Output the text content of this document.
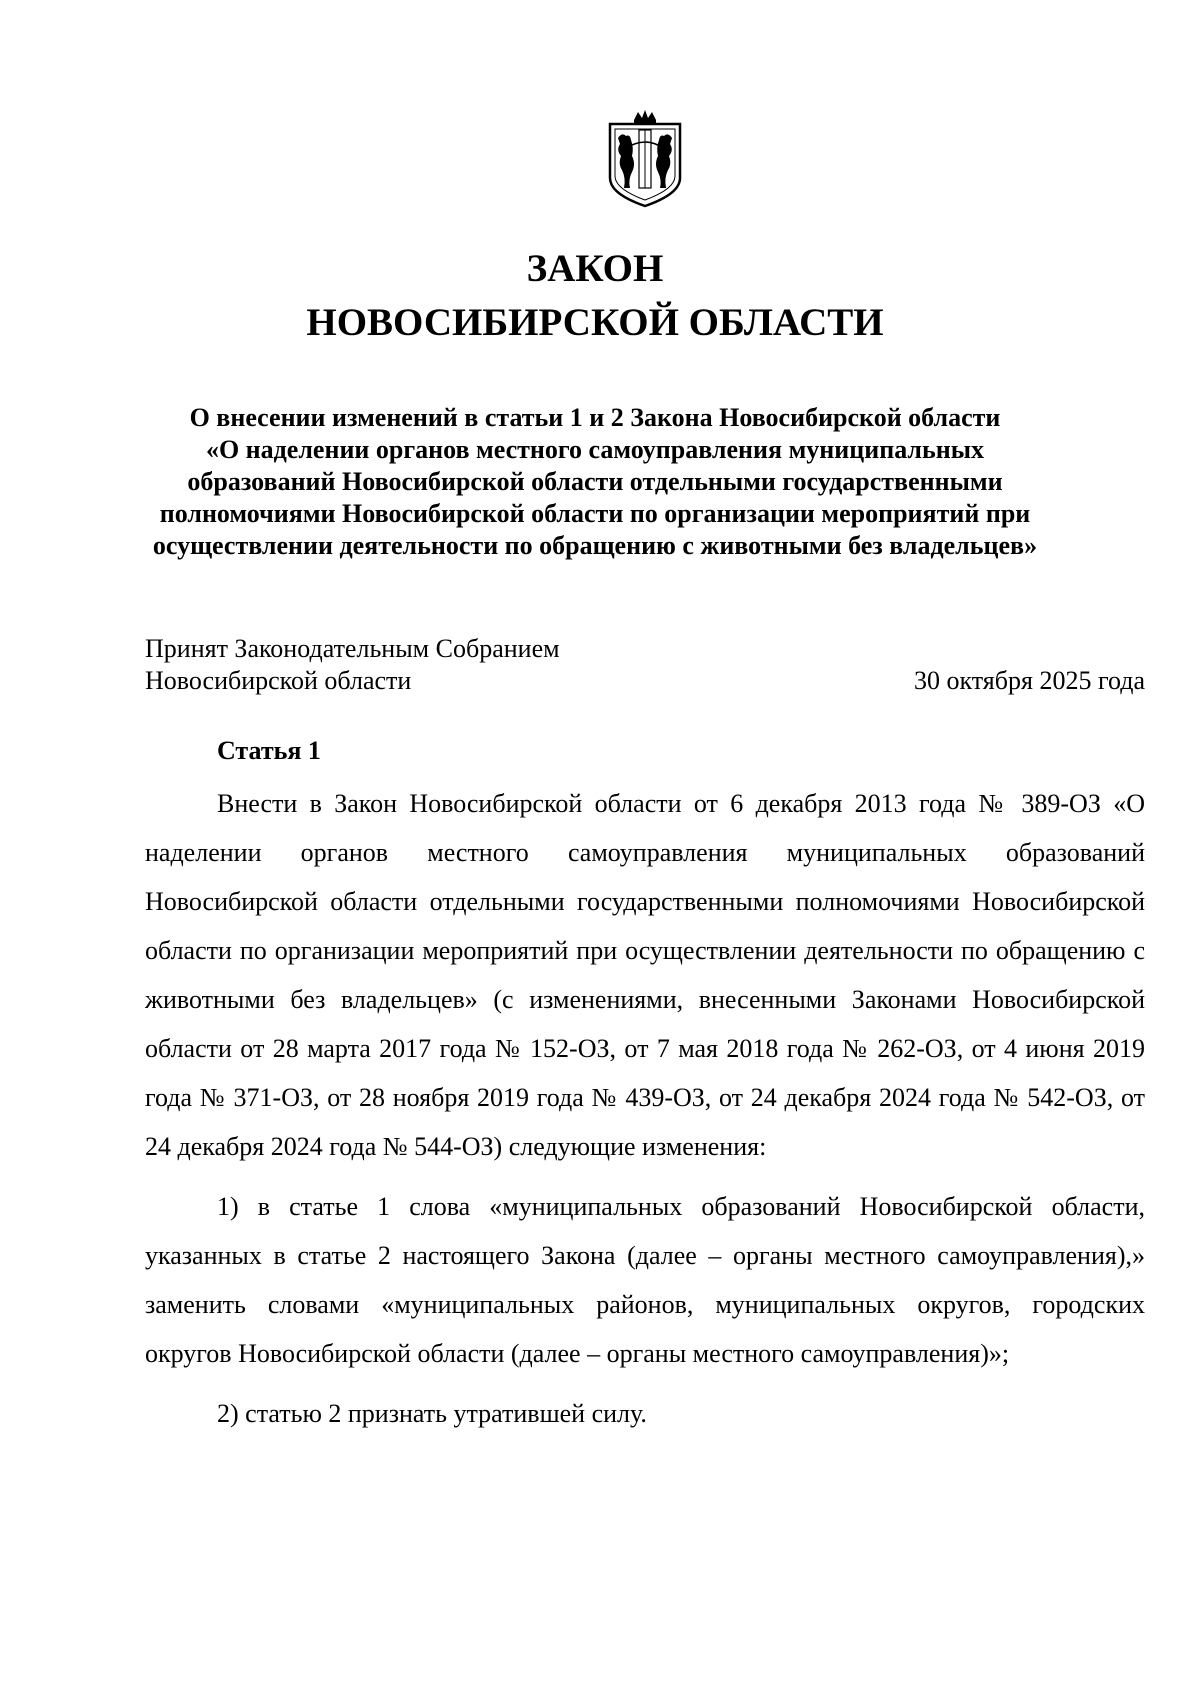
ЗАКОН
НОВОСИБИРСКОЙ ОБЛАСТИ
О внесении изменений в статьи 1 и 2 Закона Новосибирской области
«О наделении органов местного самоуправления муниципальных
образований Новосибирской области отдельными государственными
полномочиями Новосибирской области по организации мероприятий при
осуществлении деятельности по обращению с животными без владельцев»
Принят Законодательным Собранием
Новосибирской области	30 октября 2025 года
Статья 1

Внести в Закон Новосибирской области от 6 декабря 2013 года № 389-ОЗ «О наделении органов местного самоуправления муниципальных образований Новосибирской области отдельными государственными полномочиями Новосибирской области по организации мероприятий при осуществлении деятельности по обращению с животными без владельцев» (с изменениями, внесенными Законами Новосибирской области от 28 марта 2017 года № 152-ОЗ, от 7 мая 2018 года № 262-ОЗ, от 4 июня 2019 года № 371-ОЗ, от 28 ноября 2019 года № 439-ОЗ, от 24 декабря 2024 года № 542-ОЗ, от 24 декабря 2024 года № 544-ОЗ) следующие изменения:

1) в статье 1 слова «муниципальных образований Новосибирской области, указанных в статье 2 настоящего Закона (далее – органы местного самоуправления),» заменить словами «муниципальных районов, муниципальных округов, городских округов Новосибирской области (далее – органы местного самоуправления)»;

2) статью 2 признать утратившей силу.
